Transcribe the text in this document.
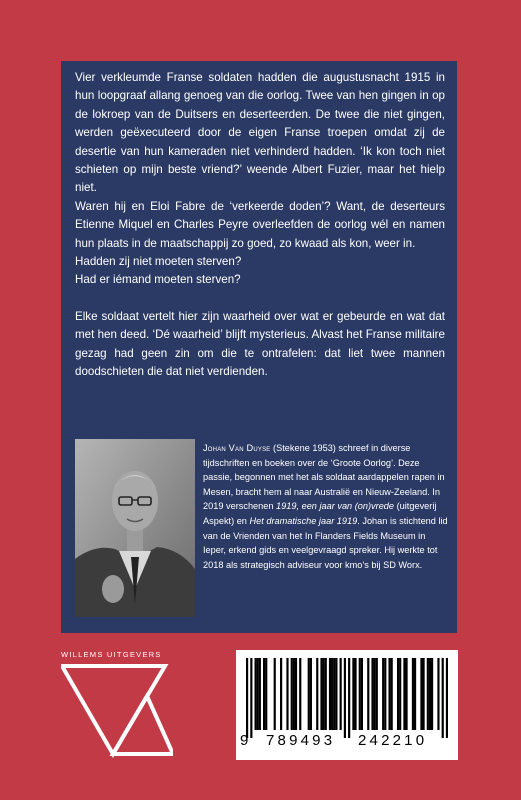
Vier verkleumde Franse soldaten hadden die augustusnacht 1915 in hun loopgraaf allang genoeg van die oorlog. Twee van hen gingen in op de lokroep van de Duitsers en deserteerden. De twee die niet gingen, werden geëxecuteerd door de eigen Franse troepen omdat zij de desertie van hun kameraden niet verhinderd hadden. ‘Ik kon toch niet schieten op mijn beste vriend?’ weende Albert Fuzier, maar het hielp niet.

Waren hij en Eloi Fabre de ‘verkeerde doden’? Want, de deserteurs Etienne Miquel en Charles Peyre overleefden de oorlog wél en namen hun plaats in de maatschappij zo goed, zo kwaad als kon, weer in.

Hadden zij niet moeten sterven?

Had er iémand moeten sterven?

Elke soldaat vertelt hier zijn waarheid over wat er gebeurde en wat dat met hen deed. ‘Dé waarheid’ blijft mysterieus. Alvast het Franse militaire gezag had geen zin om die te ontrafelen: dat liet twee mannen doodschieten die dat niet verdienden.

Johan Van Duyse (Stekene 1953) schreef in diverse tijdschriften en boeken over de ‘Groote Oorlog’. Deze passie, begonnen met het als soldaat aardappelen rapen in Mesen, bracht hem al naar Australië en Nieuw-Zeeland. In 2019 verschenen 1919, een jaar van (on)vrede (uitgeverij Aspekt) en Het dramatische jaar 1919. Johan is stichtend lid van de Vrienden van het In Flanders Fields Museum in Ieper, erkend gids en veelgevraagd spreker. Hij werkte tot 2018 als strategisch adviseur voor kmo’s bij SD Worx.
WILLEMS UITGEVERS
9 789493 242210
